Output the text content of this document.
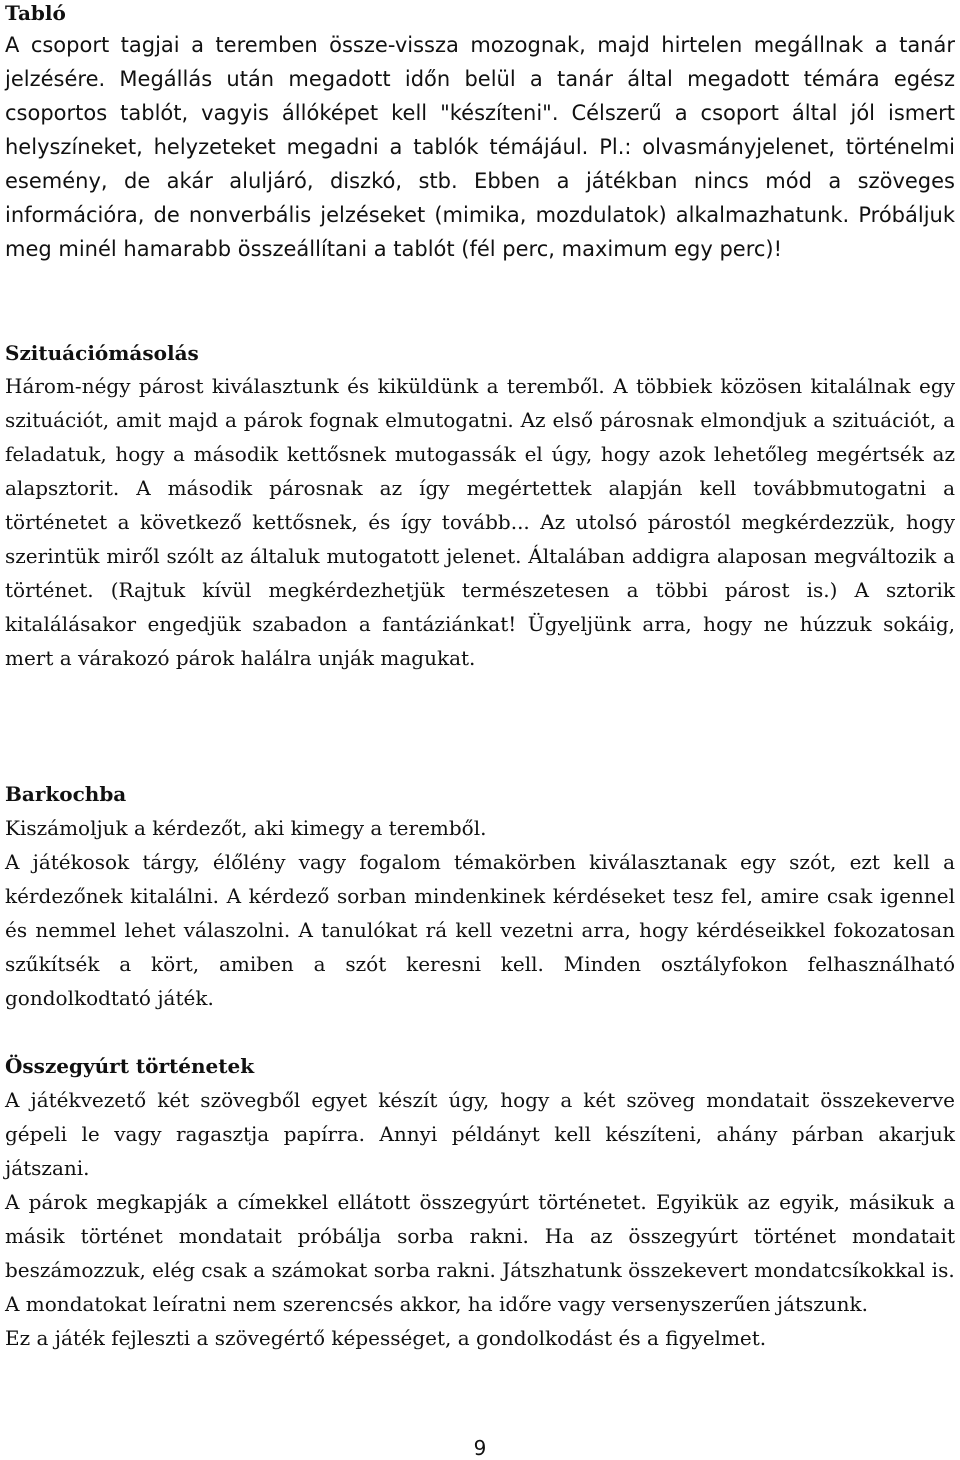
Tabló

A csoport tagjai a teremben össze-vissza mozognak, majd hirtelen megállnak a tanár jelzésére. Megállás után megadott időn belül a tanár által megadott témára egész csoportos tablót, vagyis állóképet kell "készíteni". Célszerű a csoport által jól ismert helyszíneket, helyzeteket megadni a tablók témájául. Pl.: olvasmányjelenet, történelmi esemény, de akár aluljáró, diszkó, stb. Ebben a játékban nincs mód a szöveges információra, de nonverbális jelzéseket (mimika, mozdulatok) alkalmazhatunk. Próbáljuk meg minél hamarabb összeállítani a tablót (fél perc, maximum egy perc)!

Szituációmásolás

Három-négy párost kiválasztunk és kiküldünk a teremből. A többiek közösen kitalálnak egy szituációt, amit majd a párok fognak elmutogatni. Az első párosnak elmondjuk a szituációt, a feladatuk, hogy a második kettősnek mutogassák el úgy, hogy azok lehetőleg megértsék az alapsztorit. A második párosnak az így megértettek alapján kell továbbmutogatni a történetet a következő kettősnek, és így tovább... Az utolsó párostól megkérdezzük, hogy szerintük miről szólt az általuk mutogatott jelenet. Általában addigra alaposan megváltozik a történet. (Rajtuk kívül megkérdezhetjük természetesen a többi párost is.) A sztorik kitalálásakor engedjük szabadon a fantáziánkat! Ügyeljünk arra, hogy ne húzzuk sokáig, mert a várakozó párok halálra unják magukat.

Barkochba

Kiszámoljuk a kérdezőt, aki kimegy a teremből.

A játékosok tárgy, élőlény vagy fogalom témakörben kiválasztanak egy szót, ezt kell a kérdezőnek kitalálni. A kérdező sorban mindenkinek kérdéseket tesz fel, amire csak igennel és nemmel lehet válaszolni. A tanulókat rá kell vezetni arra, hogy kérdéseikkel fokozatosan szűkítsék a kört, amiben a szót keresni kell. Minden osztályfokon felhasználható gondolkodtató játék.

Összegyúrt történetek

A játékvezető két szövegből egyet készít úgy, hogy a két szöveg mondatait összekeverve gépeli le vagy ragasztja papírra. Annyi példányt kell készíteni, ahány párban akarjuk játszani.

A párok megkapják a címekkel ellátott összegyúrt történetet. Egyikük az egyik, másikuk a másik történet mondatait próbálja sorba rakni. Ha az összegyúrt történet mondatait beszámozzuk, elég csak a számokat sorba rakni. Játszhatunk összekevert mondatcsíkokkal is.

A mondatokat leíratni nem szerencsés akkor, ha időre vagy versenyszerűen játszunk.

Ez a játék fejleszti a szövegértő képességet, a gondolkodást és a figyelmet.

9
